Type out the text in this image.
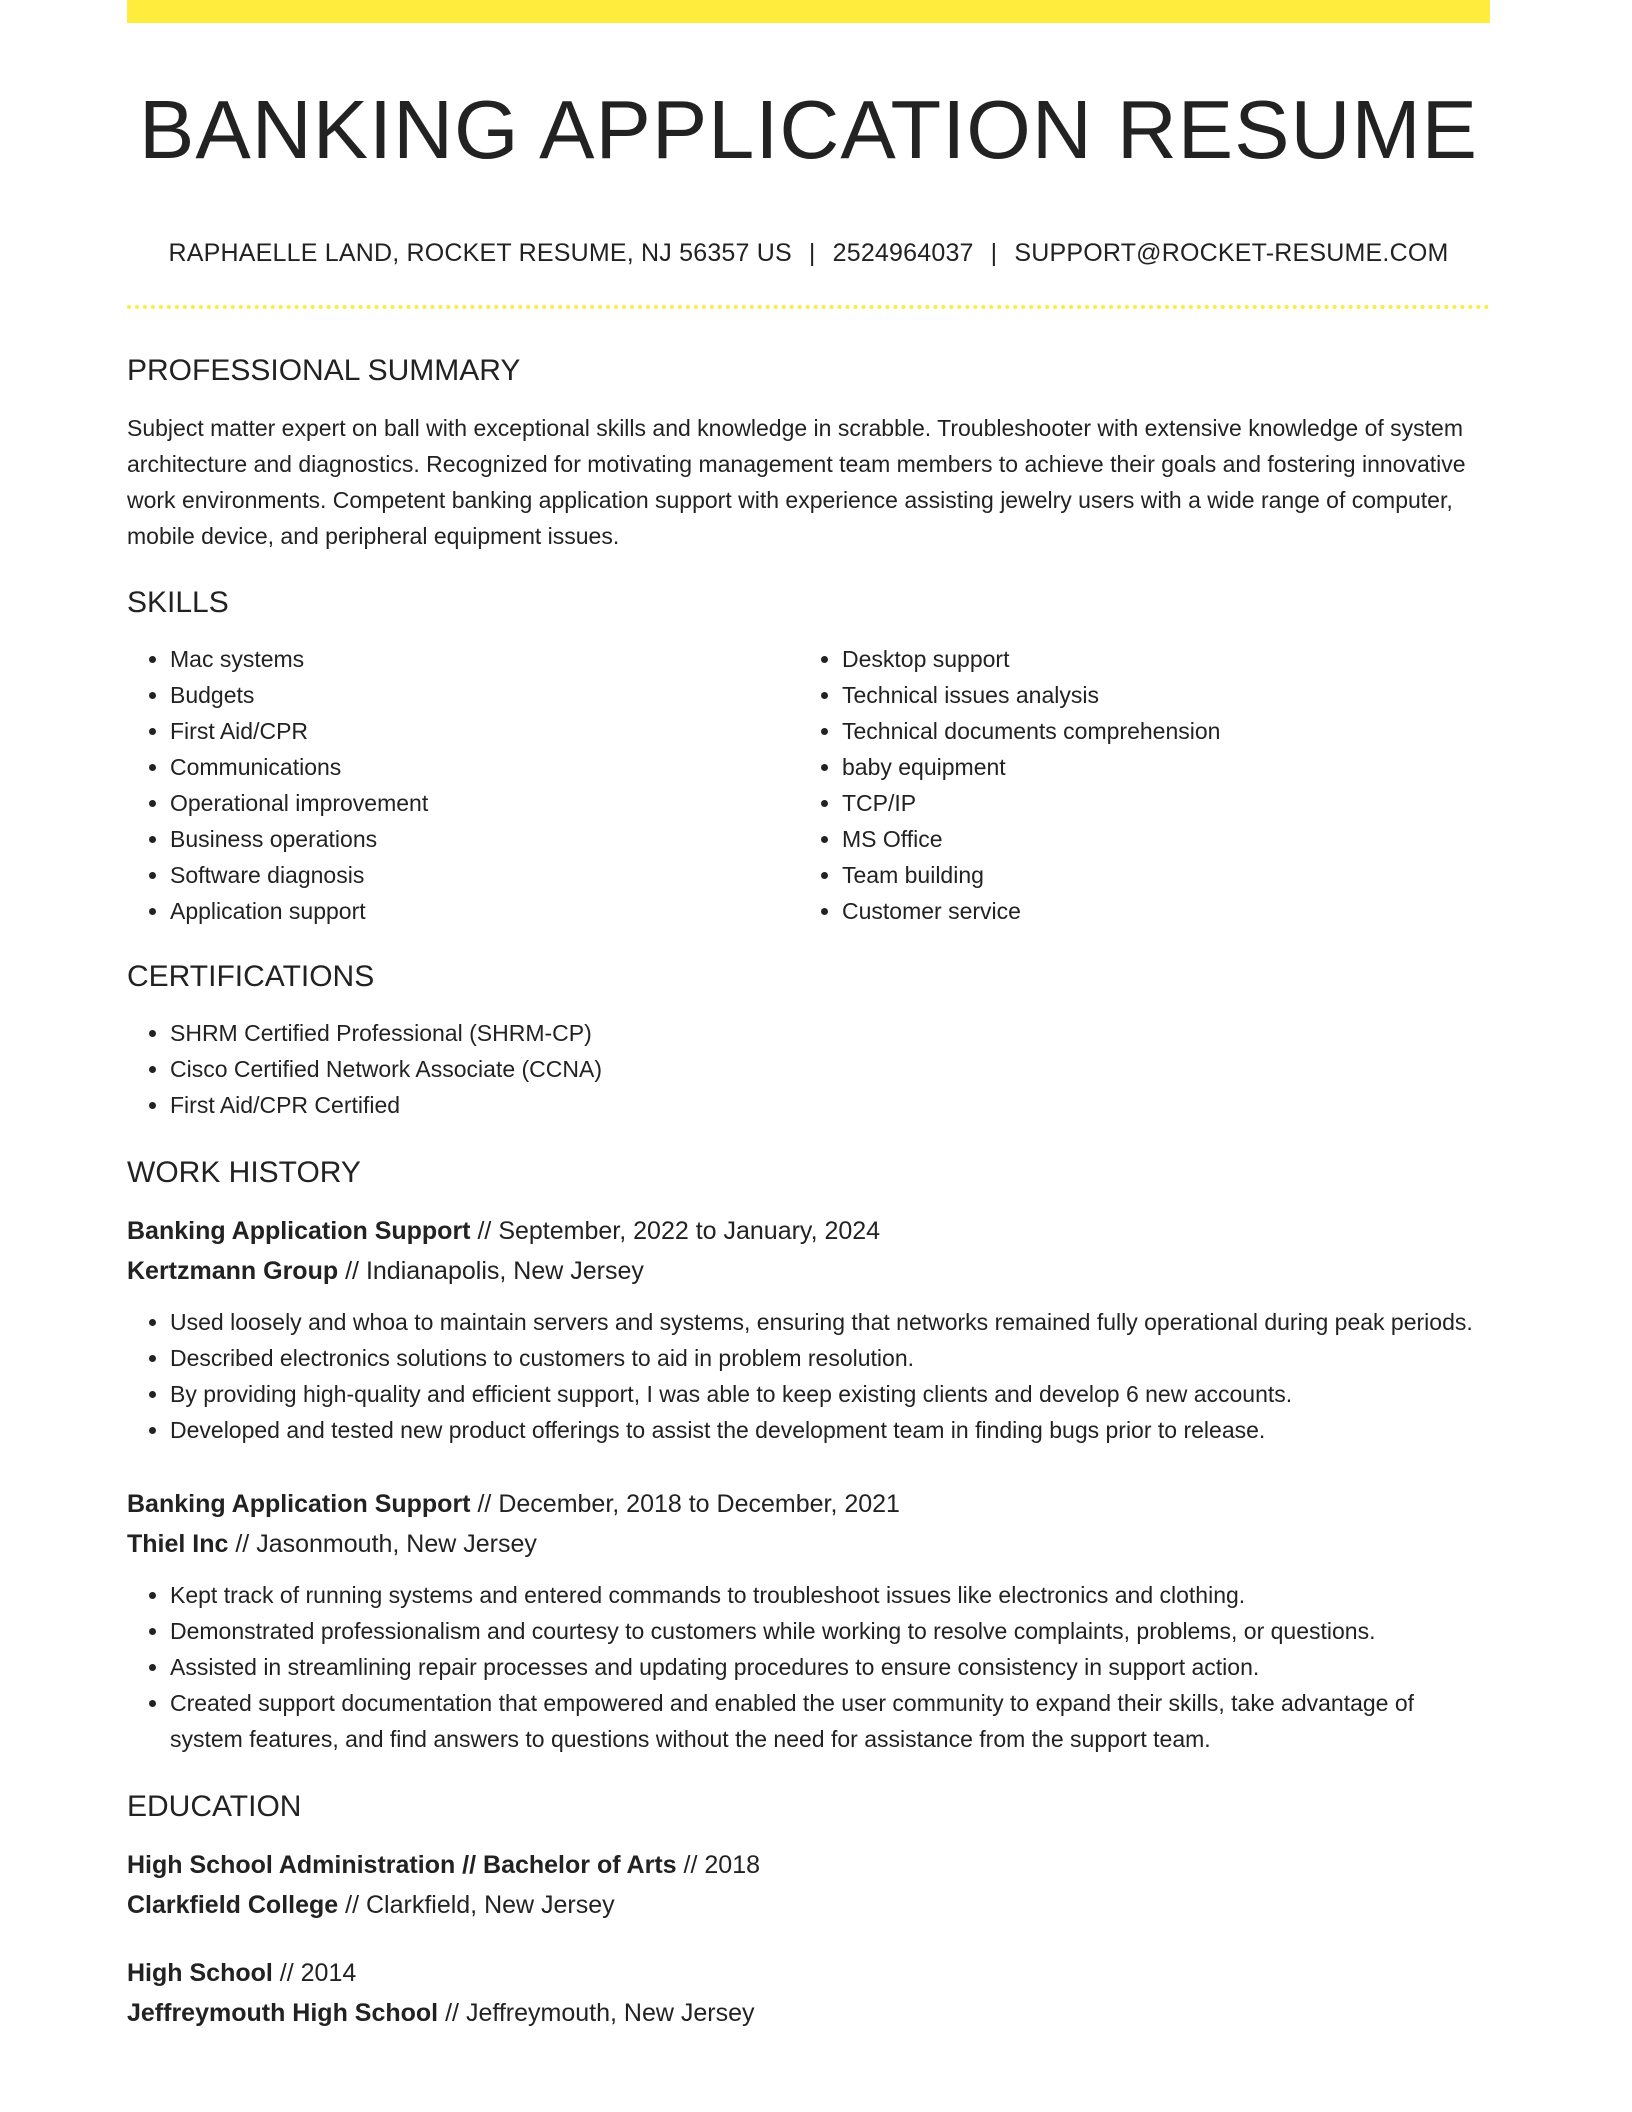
BANKING APPLICATION RESUME
RAPHAELLE LAND, ROCKET RESUME, NJ 56357 US | 2524964037 | SUPPORT@ROCKET-RESUME.COM
PROFESSIONAL SUMMARY

Subject matter expert on ball with exceptional skills and knowledge in scrabble. Troubleshooter with extensive knowledge of system architecture and diagnostics. Recognized for motivating management team members to achieve their goals and fostering innovative work environments. Competent banking application support with experience assisting jewelry users with a wide range of computer, mobile device, and peripheral equipment issues.

SKILLS
• Mac systems
• Budgets
• First Aid/CPR
• Communications
• Operational improvement
• Business operations
• Software diagnosis
• Application support
• Desktop support
• Technical issues analysis
• Technical documents comprehension
• baby equipment
• TCP/IP
• MS Office
• Team building
• Customer service
CERTIFICATIONS
• SHRM Certified Professional (SHRM-CP)
• Cisco Certified Network Associate (CCNA)
• First Aid/CPR Certified
WORK HISTORY
Banking Application Support // September, 2022 to January, 2024
Kertzmann Group // Indianapolis, New Jersey
• Used loosely and whoa to maintain servers and systems, ensuring that networks remained fully operational during peak periods.
• Described electronics solutions to customers to aid in problem resolution.
• By providing high-quality and efficient support, I was able to keep existing clients and develop 6 new accounts.
• Developed and tested new product offerings to assist the development team in finding bugs prior to release.
Banking Application Support // December, 2018 to December, 2021
Thiel Inc // Jasonmouth, New Jersey
• Kept track of running systems and entered commands to troubleshoot issues like electronics and clothing.
• Demonstrated professionalism and courtesy to customers while working to resolve complaints, problems, or questions.
• Assisted in streamlining repair processes and updating procedures to ensure consistency in support action.
• Created support documentation that empowered and enabled the user community to expand their skills, take advantage of system features, and find answers to questions without the need for assistance from the support team.
EDUCATION
High School Administration // Bachelor of Arts // 2018
Clarkfield College // Clarkfield, New Jersey
High School // 2014
Jeffreymouth High School // Jeffreymouth, New Jersey
